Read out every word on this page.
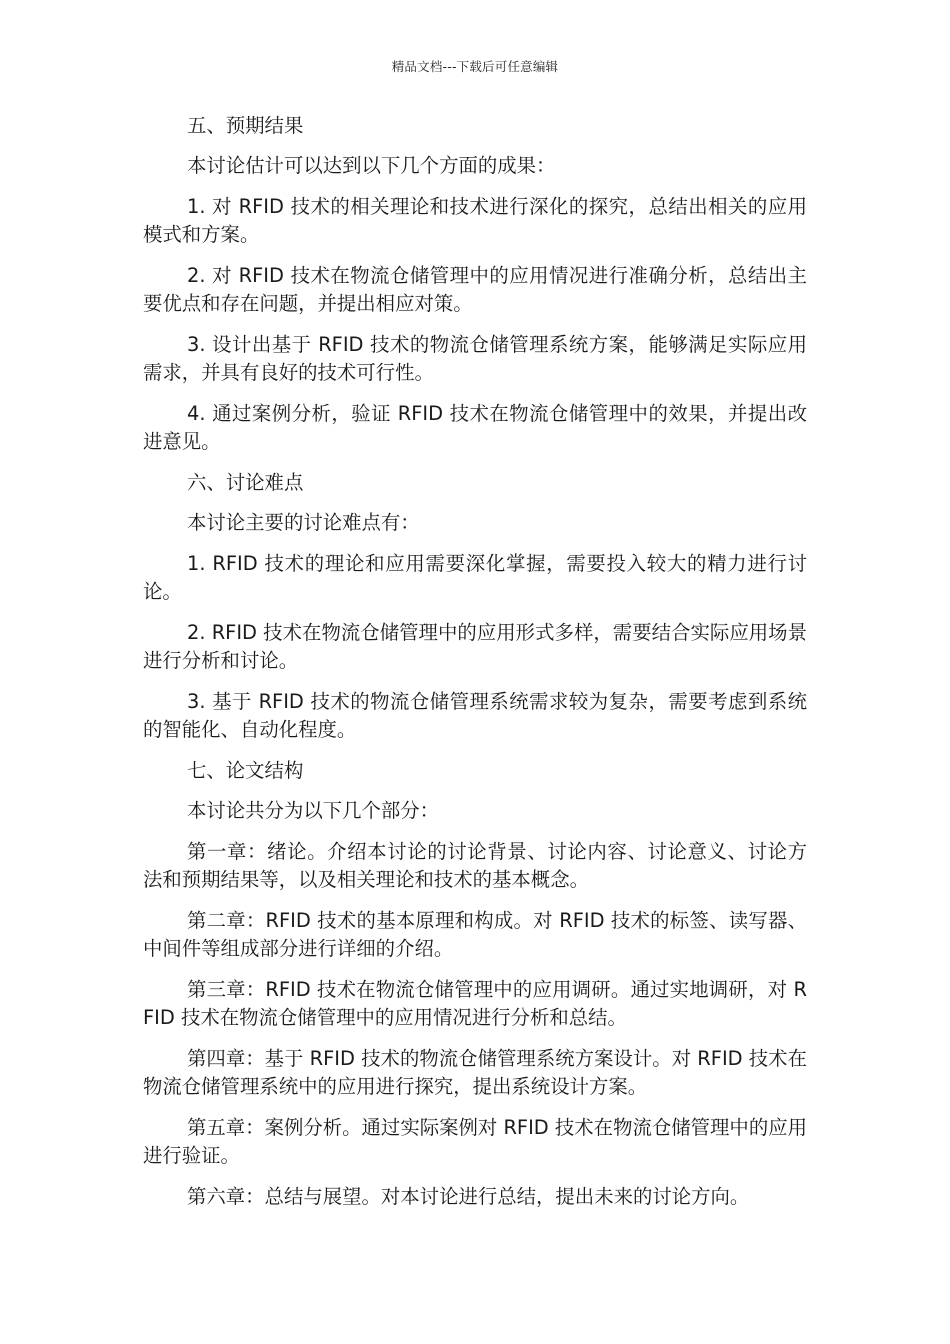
精品文档---下载后可任意编辑

五、预期结果

本讨论估计可以达到以下几个方面的成果：

1. 对 RFID 技术的相关理论和技术进行深化的探究，总结出相关的应用模式和方案。

2. 对 RFID 技术在物流仓储管理中的应用情况进行准确分析，总结出主要优点和存在问题，并提出相应对策。

3. 设计出基于 RFID 技术的物流仓储管理系统方案，能够满足实际应用需求，并具有良好的技术可行性。

4. 通过案例分析，验证 RFID 技术在物流仓储管理中的效果，并提出改进意见。

六、讨论难点

本讨论主要的讨论难点有：

1. RFID 技术的理论和应用需要深化掌握，需要投入较大的精力进行讨论。

2. RFID 技术在物流仓储管理中的应用形式多样，需要结合实际应用场景进行分析和讨论。

3. 基于 RFID 技术的物流仓储管理系统需求较为复杂，需要考虑到系统的智能化、自动化程度。

七、论文结构

本讨论共分为以下几个部分：

第一章：绪论。介绍本讨论的讨论背景、讨论内容、讨论意义、讨论方法和预期结果等，以及相关理论和技术的基本概念。

第二章：RFID 技术的基本原理和构成。对 RFID 技术的标签、读写器、中间件等组成部分进行详细的介绍。

第三章：RFID 技术在物流仓储管理中的应用调研。通过实地调研，对 RFID 技术在物流仓储管理中的应用情况进行分析和总结。

第四章：基于 RFID 技术的物流仓储管理系统方案设计。对 RFID 技术在物流仓储管理系统中的应用进行探究，提出系统设计方案。

第五章：案例分析。通过实际案例对 RFID 技术在物流仓储管理中的应用进行验证。

第六章：总结与展望。对本讨论进行总结，提出未来的讨论方向。
